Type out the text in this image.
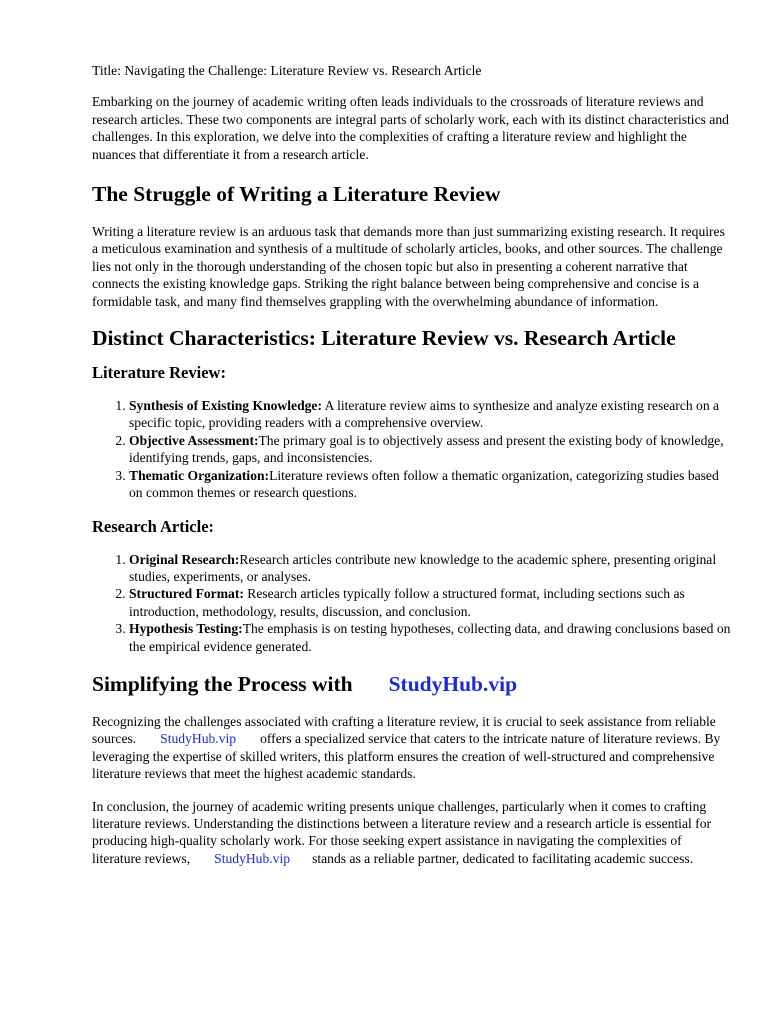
Title: Navigating the Challenge: Literature Review vs. Research Article

Embarking on the journey of academic writing often leads individuals to the crossroads of literature reviews and research articles. These two components are integral parts of scholarly work, each with its distinct characteristics and challenges. In this exploration, we delve into the complexities of crafting a literature review and highlight the nuances that differentiate it from a research article.

The Struggle of Writing a Literature Review

Writing a literature review is an arduous task that demands more than just summarizing existing research. It requires a meticulous examination and synthesis of a multitude of scholarly articles, books, and other sources. The challenge lies not only in the thorough understanding of the chosen topic but also in presenting a coherent narrative that connects the existing knowledge gaps. Striking the right balance between being comprehensive and concise is a formidable task, and many find themselves grappling with the overwhelming abundance of information.

Distinct Characteristics: Literature Review vs. Research Article
Literature Review:
1. Synthesis of Existing Knowledge: A literature review aims to synthesize and analyze existing research on a specific topic, providing readers with a comprehensive overview.
2. Objective Assessment:The primary goal is to objectively assess and present the existing body of knowledge, identifying trends, gaps, and inconsistencies.
3. Thematic Organization:Literature reviews often follow a thematic organization, categorizing studies based on common themes or research questions.
Research Article:
1. Original Research:Research articles contribute new knowledge to the academic sphere, presenting original studies, experiments, or analyses.
2. Structured Format: Research articles typically follow a structured format, including sections such as introduction, methodology, results, discussion, and conclusion.
3. Hypothesis Testing:The emphasis is on testing hypotheses, collecting data, and drawing conclusions based on the empirical evidence generated.
Simplifying the Process with StudyHub.vip

Recognizing the challenges associated with crafting a literature review, it is crucial to seek assistance from reliable sources. StudyHub.vip offers a specialized service that caters to the intricate nature of literature reviews. By leveraging the expertise of skilled writers, this platform ensures the creation of well-structured and comprehensive literature reviews that meet the highest academic standards.

In conclusion, the journey of academic writing presents unique challenges, particularly when it comes to crafting literature reviews. Understanding the distinctions between a literature review and a research article is essential for producing high-quality scholarly work. For those seeking expert assistance in navigating the complexities of literature reviews, StudyHub.vip stands as a reliable partner, dedicated to facilitating academic success.
